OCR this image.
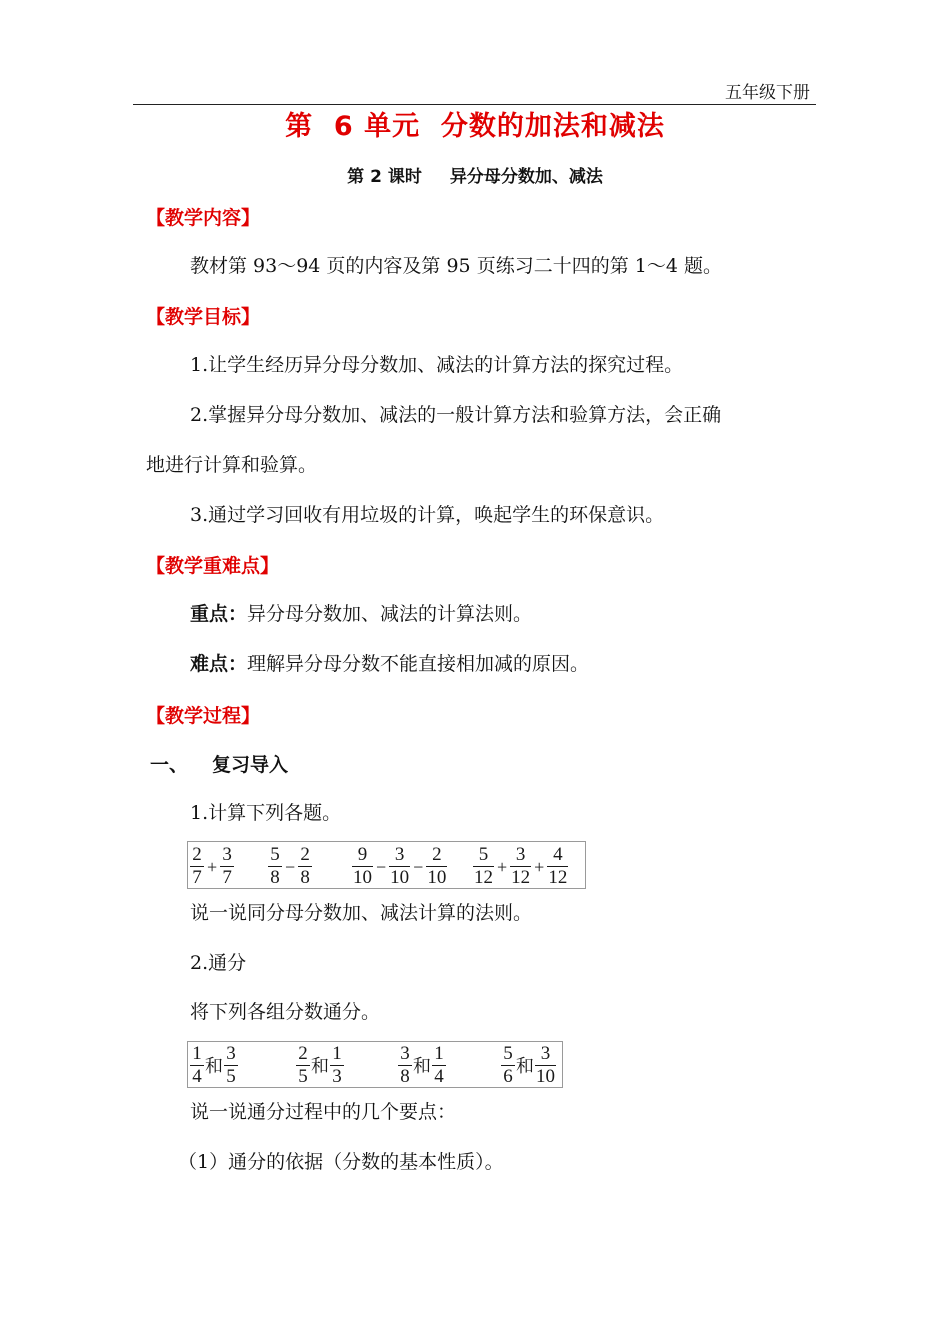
五年级下册
第  6 单元  分数的加法和减法
第 2 课时 异分母分数加、减法
【教学内容】
教材第 93～94 页的内容及第 95 页练习二十四的第 1～4 题。
【教学目标】
1.让学生经历异分母分数加、减法的计算方法的探究过程。
2.掌握异分母分数加、减法的一般计算方法和验算方法，会正确
地进行计算和验算。
3.通过学习回收有用垃圾的计算，唤起学生的环保意识。
【教学重难点】
重点：异分母分数加、减法的计算法则。
难点：理解异分母分数不能直接相加减的原因。
【教学过程】
一、 复习导入
1.计算下列各题。
$\frac{2}{7} + \frac{3}{7} \frac{5}{8} - \frac{2}{8} \frac{9}{10} - \frac{3}{10} - \frac{2}{10} \frac{5}{12} + \frac{3}{12} + \frac{4}{12}$
说一说同分母分数加、减法计算的法则。
2.通分
将下列各组分数通分。
$\frac{1}{4}$ 和 $\frac{3}{5}$	$\frac{2}{5}$ 和 $\frac{1}{3}$	$\frac{3}{8}$ 和 $\frac{1}{4}$	$\frac{5}{6}$ 和 $\frac{3}{10}$
说一说通分过程中的几个要点：
（1）通分的依据（分数的基本性质）。
